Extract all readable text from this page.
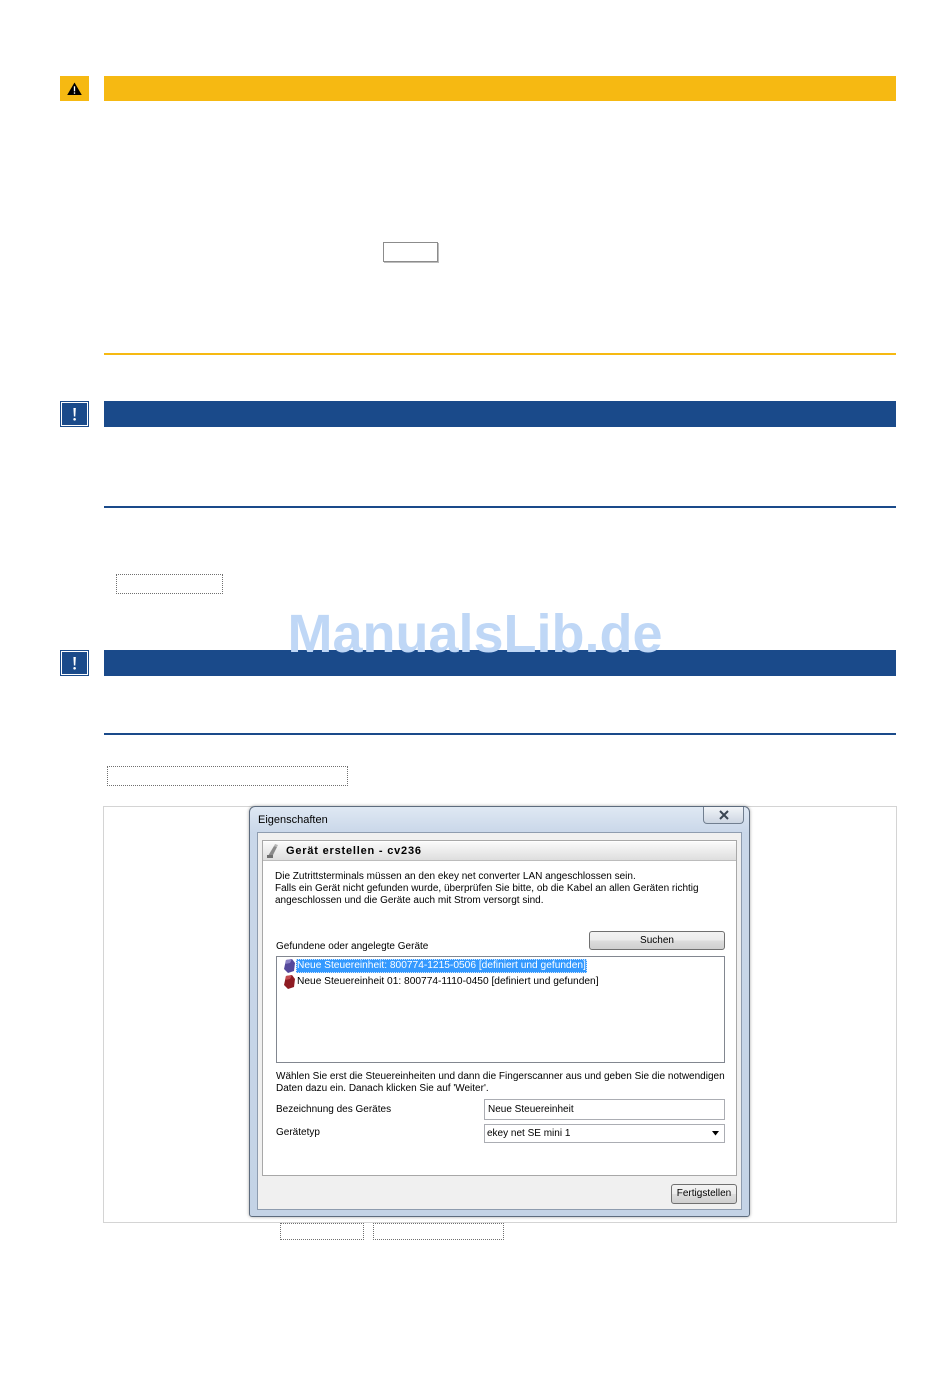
ManualsLib.de
Eigenschaften
Gerät erstellen - cv236
Die Zutrittsterminals müssen an den ekey net converter LAN angeschlossen sein.
Falls ein Gerät nicht gefunden wurde, überprüfen Sie bitte, ob die Kabel an allen Geräten richtig
angeschlossen und die Geräte auch mit Strom versorgt sind.
Gefundene oder angelegte Geräte
Suchen
Neue Steuereinheit: 800774-1215-0506 [definiert und gefunden]
Neue Steuereinheit 01: 800774-1110-0450 [definiert und gefunden]
Wählen Sie erst die Steuereinheiten und dann die Fingerscanner aus und geben Sie die notwendigen
Daten dazu ein. Danach klicken Sie auf 'Weiter'.
Bezeichnung des Gerätes	Neue Steuereinheit
Gerätetyp	ekey net SE mini 1
Fertigstellen
